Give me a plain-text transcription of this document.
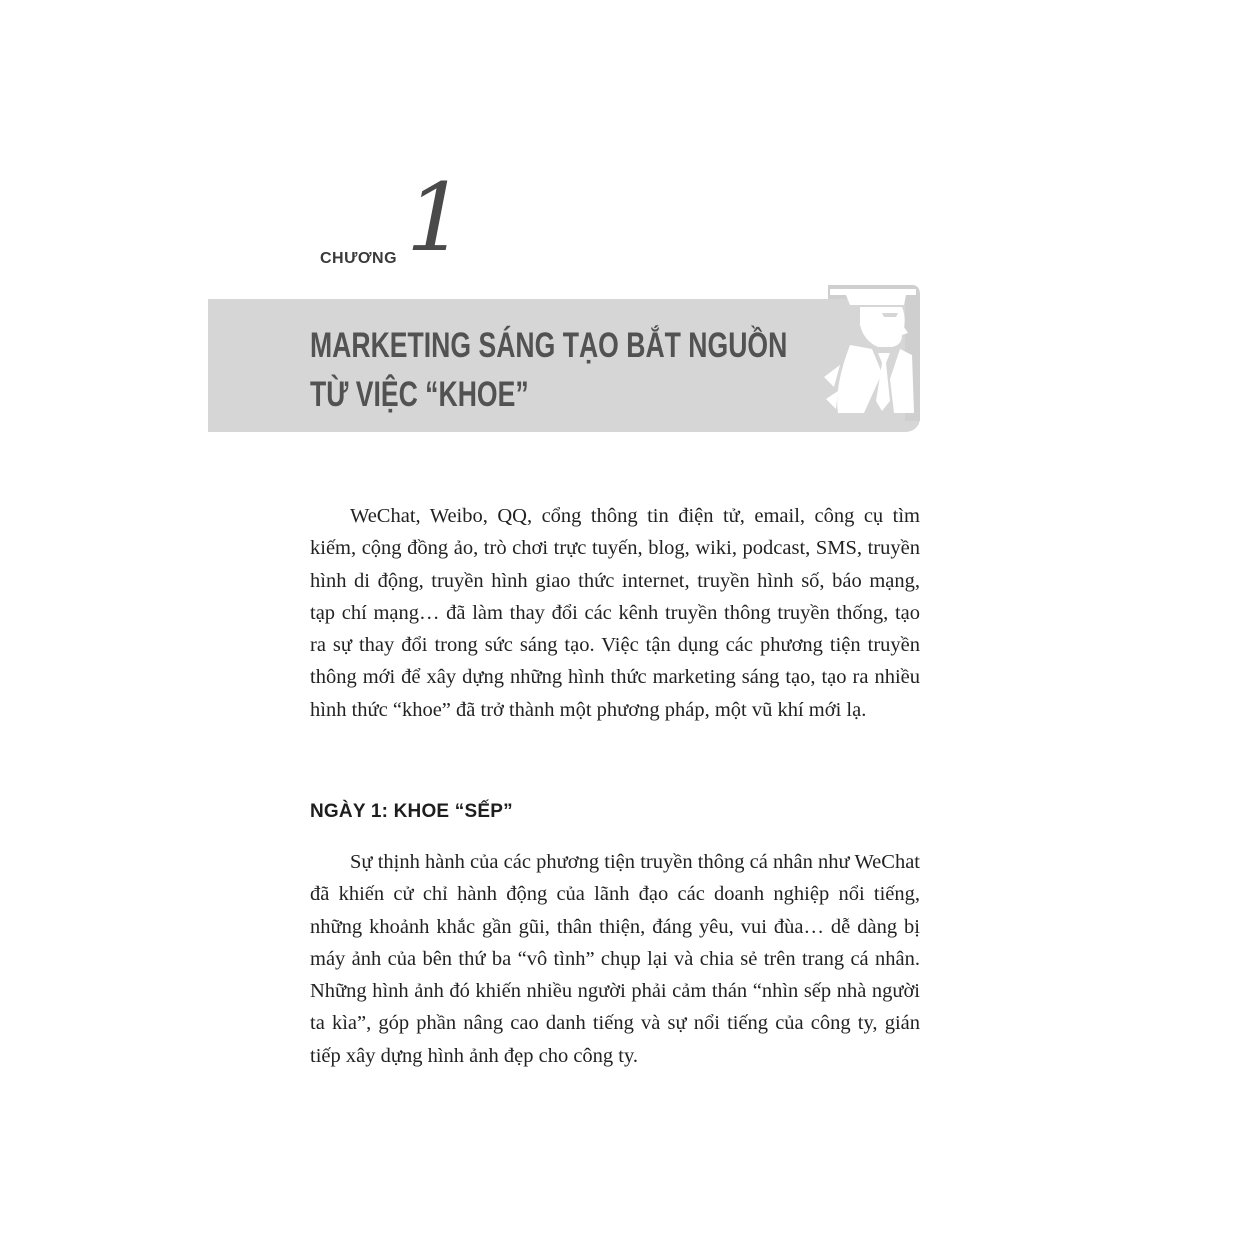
CHƯƠNG 1
MARKETING SÁNG TẠO BẮT NGUỒN
TỪ VIỆC “KHOE”

WeChat, Weibo, QQ, cổng thông tin điện tử, email, công cụ tìm kiếm, cộng đồng ảo, trò chơi trực tuyến, blog, wiki, podcast, SMS, truyền hình di động, truyền hình giao thức internet, truyền hình số, báo mạng, tạp chí mạng… đã làm thay đổi các kênh truyền thông truyền thống, tạo ra sự thay đổi trong sức sáng tạo. Việc tận dụng các phương tiện truyền thông mới để xây dựng những hình thức marketing sáng tạo, tạo ra nhiều hình thức “khoe” đã trở thành một phương pháp, một vũ khí mới lạ.

NGÀY 1: KHOE “SẾP”

Sự thịnh hành của các phương tiện truyền thông cá nhân như WeChat đã khiến cử chỉ hành động của lãnh đạo các doanh nghiệp nổi tiếng, những khoảnh khắc gần gũi, thân thiện, đáng yêu, vui đùa… dễ dàng bị máy ảnh của bên thứ ba “vô tình” chụp lại và chia sẻ trên trang cá nhân. Những hình ảnh đó khiến nhiều người phải cảm thán “nhìn sếp nhà người ta kìa”, góp phần nâng cao danh tiếng và sự nổi tiếng của công ty, gián tiếp xây dựng hình ảnh đẹp cho công ty.
